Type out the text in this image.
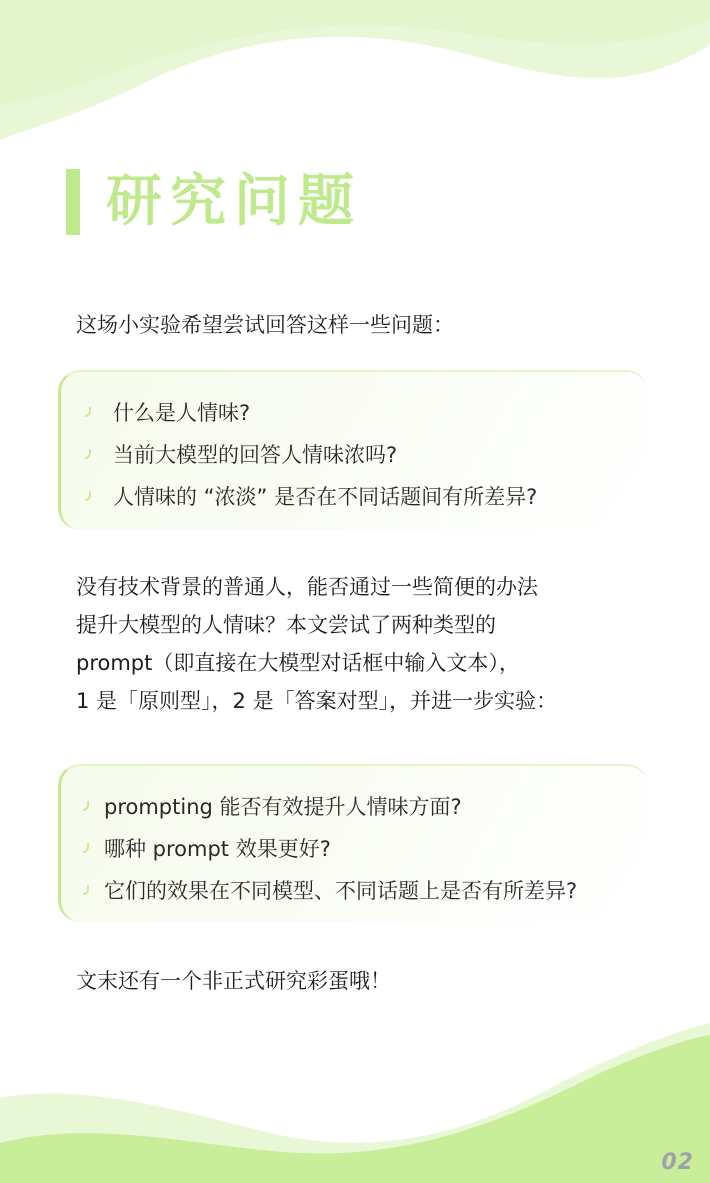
研究问题
这场小实验希望尝试回答这样一些问题：
什么是人情味?
当前大模型的回答人情味浓吗?
人情味的 “浓淡” 是否在不同话题间有所差异?
没有技术背景的普通人，能否通过一些简便的办法
提升大模型的人情味？本文尝试了两种类型的
prompt（即直接在大模型对话框中输入文本），
1 是「原则型」，2 是「答案对型」，并进一步实验：
prompting 能否有效提升人情味方面?
哪种 prompt 效果更好?
它们的效果在不同模型、不同话题上是否有所差异?
文末还有一个非正式研究彩蛋哦！
02
